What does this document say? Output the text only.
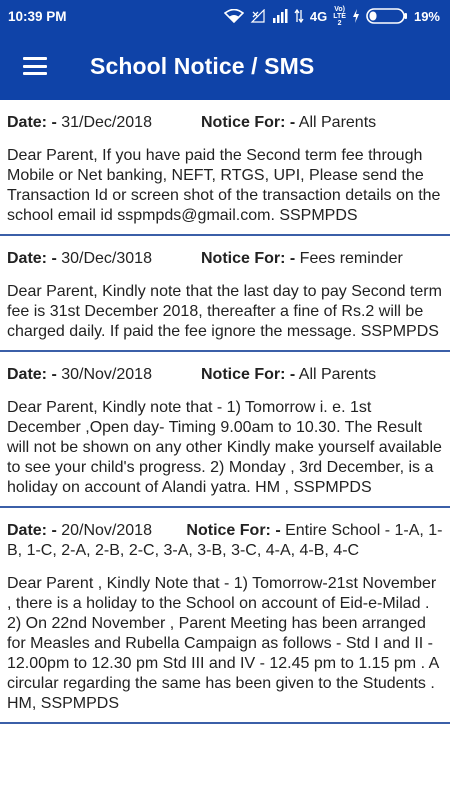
10:39 PM	4G Vo)
LTE
2	19%
School Notice / SMS
Date: - 31/Dec/2018	Notice For: - All Parents
Dear Parent, If you have paid the Second term fee through Mobile or Net banking, NEFT, RTGS, UPI, Please send the Transaction Id or screen shot of the transaction details on the school email id sspmpds@gmail.com. SSPMPDS
Date: - 30/Dec/3018	Notice For: - Fees reminder
Dear Parent, Kindly note that the last day to pay Second term fee is 31st December 2018, thereafter a fine of Rs.2 will be charged daily. If paid the fee ignore the message. SSPMPDS
Date: - 30/Nov/2018	Notice For: - All Parents
Dear Parent, Kindly note that - 1) Tomorrow i. e. 1st December ,Open day- Timing 9.00am to 10.30. The Result will not be shown on any other Kindly make yourself available to see your child's progress. 2) Monday , 3rd December, is a holiday on account of Alandi yatra. HM , SSPMPDS
Date: - 20/Nov/2018 Notice For: - Entire School - 1-A, 1-B, 1-C, 2-A, 2-B, 2-C, 3-A, 3-B, 3-C, 4-A, 4-B, 4-C
Dear Parent , Kindly Note that - 1) Tomorrow-21st November , there is a holiday to the School on account of Eid-e-Milad . 2) On 22nd November , Parent Meeting has been arranged for Measles and Rubella Campaign as follows - Std I and II - 12.00pm to 12.30 pm Std III and IV - 12.45 pm to 1.15 pm . A circular regarding the same has been given to the Students . HM, SSPMPDS
